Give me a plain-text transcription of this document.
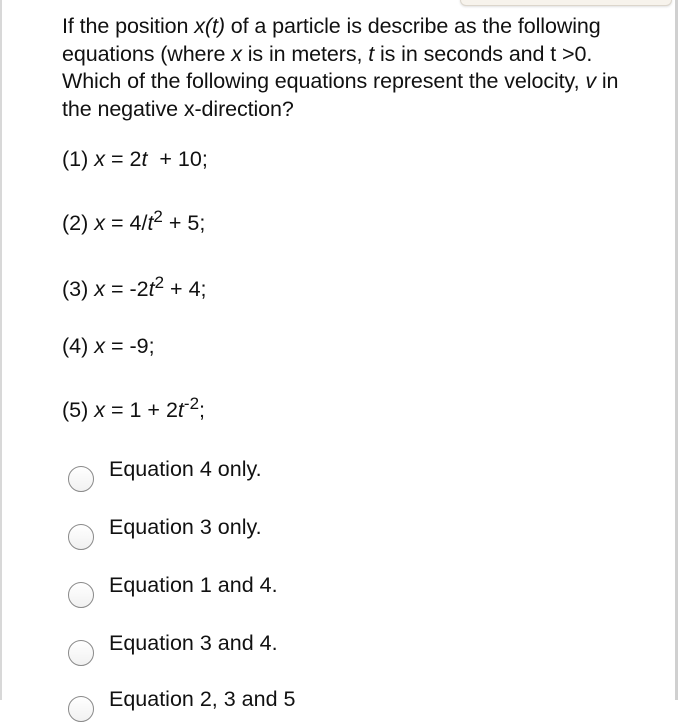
If the position x(t) of a particle is describe as the following equations (where x is in meters, t is in seconds and t >0. Which of the following equations represent the velocity, v in the negative x-direction?

(1) x = 2t  + 10;
(2) $x = 4/t^2 + 5$;
(3) $x = -2t^2 + 4$;
(4) x = -9;
(5) $x = 1 + 2t^{-2}$;
Equation 4 only.
Equation 3 only.
Equation 1 and 4.
Equation 3 and 4.
Equation 2, 3 and 5
